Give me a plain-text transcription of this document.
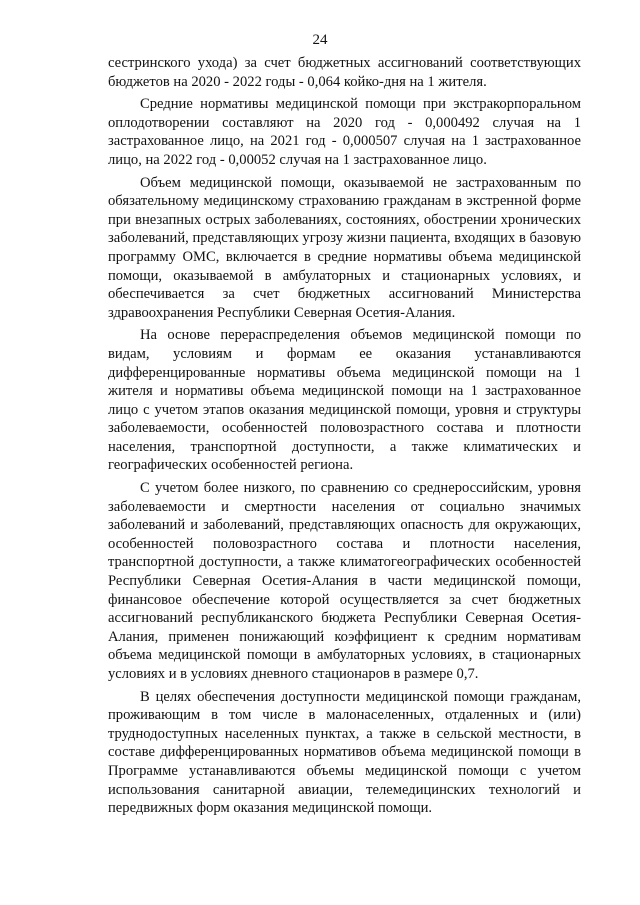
24

сестринского ухода) за счет бюджетных ассигнований соответствующих бюджетов на 2020 - 2022 годы - 0,064 койко-дня на 1 жителя.

Средние нормативы медицинской помощи при экстракорпоральном оплодотворении составляют на 2020 год - 0,000492 случая на 1 застрахованное лицо, на 2021 год - 0,000507 случая на 1 застрахованное лицо, на 2022 год - 0,00052 случая на 1 застрахованное лицо.

Объем медицинской помощи, оказываемой не застрахованным по обязательному медицинскому страхованию гражданам в экстренной форме при внезапных острых заболеваниях, состояниях, обострении хронических заболеваний, представляющих угрозу жизни пациента, входящих в базовую программу ОМС, включается в средние нормативы объема медицинской помощи, оказываемой в амбулаторных и стационарных условиях, и обеспечивается за счет бюджетных ассигнований Министерства здравоохранения Республики Северная Осетия-Алания.

На основе перераспределения объемов медицинской помощи по видам, условиям и формам ее оказания устанавливаются дифференцированные нормативы объема медицинской помощи на 1 жителя и нормативы объема медицинской помощи на 1 застрахованное лицо с учетом этапов оказания медицинской помощи, уровня и структуры заболеваемости, особенностей половозрастного состава и плотности населения, транспортной доступности, а также климатических и географических особенностей региона.

С учетом более низкого, по сравнению со среднероссийским, уровня заболеваемости и смертности населения от социально значимых заболеваний и заболеваний, представляющих опасность для окружающих, особенностей половозрастного состава и плотности населения, транспортной доступности, а также климатогеографических особенностей Республики Северная Осетия-Алания в части медицинской помощи, финансовое обеспечение которой осуществляется за счет бюджетных ассигнований республиканского бюджета Республики Северная Осетия-Алания, применен понижающий коэффициент к средним нормативам объема медицинской помощи в амбулаторных условиях, в стационарных условиях и в условиях дневного стационаров в размере 0,7.

В целях обеспечения доступности медицинской помощи гражданам, проживающим в том числе в малонаселенных, отдаленных и (или) труднодоступных населенных пунктах, а также в сельской местности, в составе дифференцированных нормативов объема медицинской помощи в Программе устанавливаются объемы медицинской помощи с учетом использования санитарной авиации, телемедицинских технологий и передвижных форм оказания медицинской помощи.
